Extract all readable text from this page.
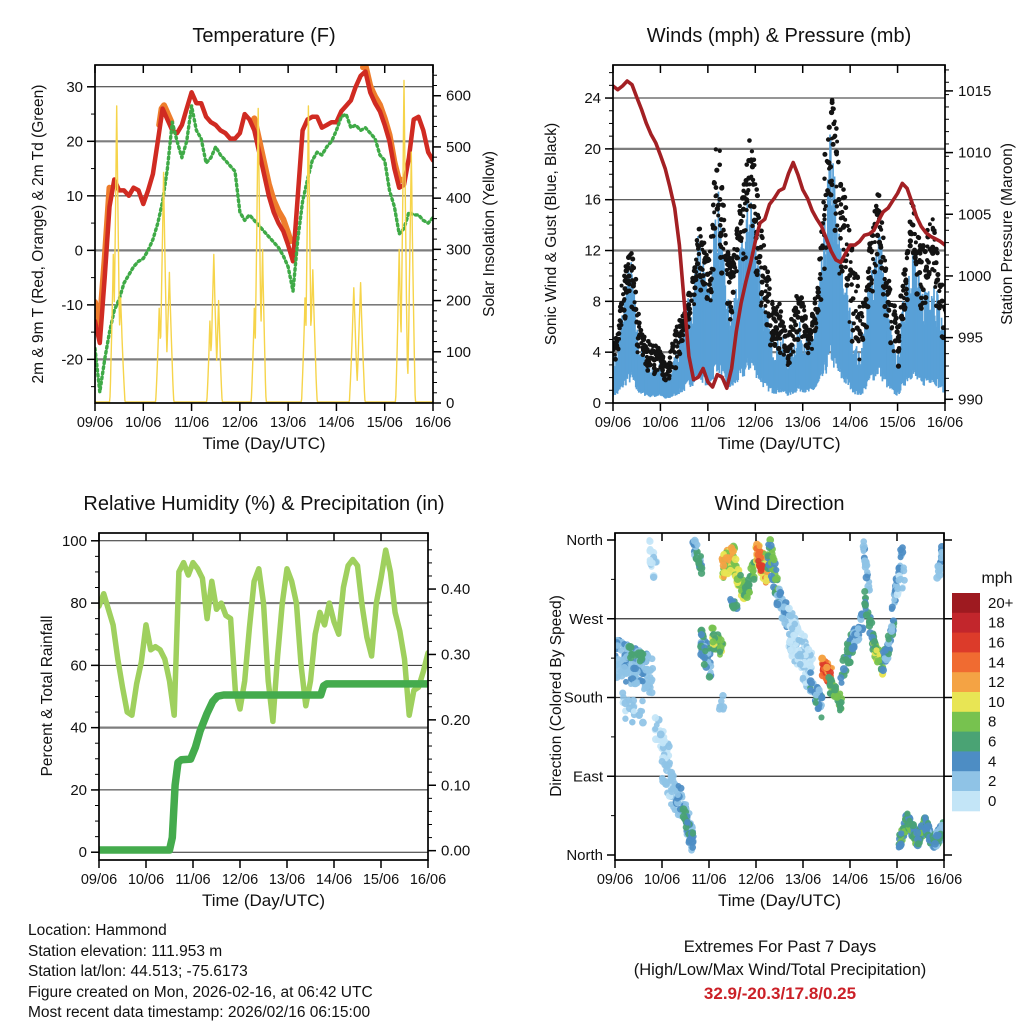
09/06 10/06 11/06 12/06 13/06 14/06 15/06 16/06
30
20
10
0
-10
-20
600
500
400
300
200
100
0
09/06 10/06 11/06 12/06 13/06 14/06 15/06 16/06
24
20
16
12
8
4
0
1015
1010
1005
1000
995
990
09/06 10/06 11/06 12/06 13/06 14/06 15/06 16/06
100
80
60
40
20
0
0.40
0.30
0.20
0.10
0.00
09/06 10/06 11/06 12/06 13/06 14/06 15/06 16/06
North
West
South
East
North
20+
18
16
14
12
10
8
6
4
2
0
mph
Temperature (F)	Winds (mph) & Pressure (mb)
Relative Humidity (%) & Precipitation (in)	Wind Direction
Time (Day/UTC)	Time (Day/UTC)
Time (Day/UTC)	Time (Day/UTC)
2m & 9m T (Red, Orange) & 2m Td (Green)	Solar Insolation (Yellow)	Sonic Wind & Gust (Blue, Black)	Station Pressure (Maroon)
Percent & Total Rainfall	Direction (Colored By Speed)
Location: Hammond
Station elevation: 111.953 m
Station lat/lon: 44.513; -75.6173
Figure created on Mon, 2026-02-16, at 06:42 UTC
Most recent data timestamp: 2026/02/16 06:15:00
Extremes For Past 7 Days
(High/Low/Max Wind/Total Precipitation)
32.9/-20.3/17.8/0.25
